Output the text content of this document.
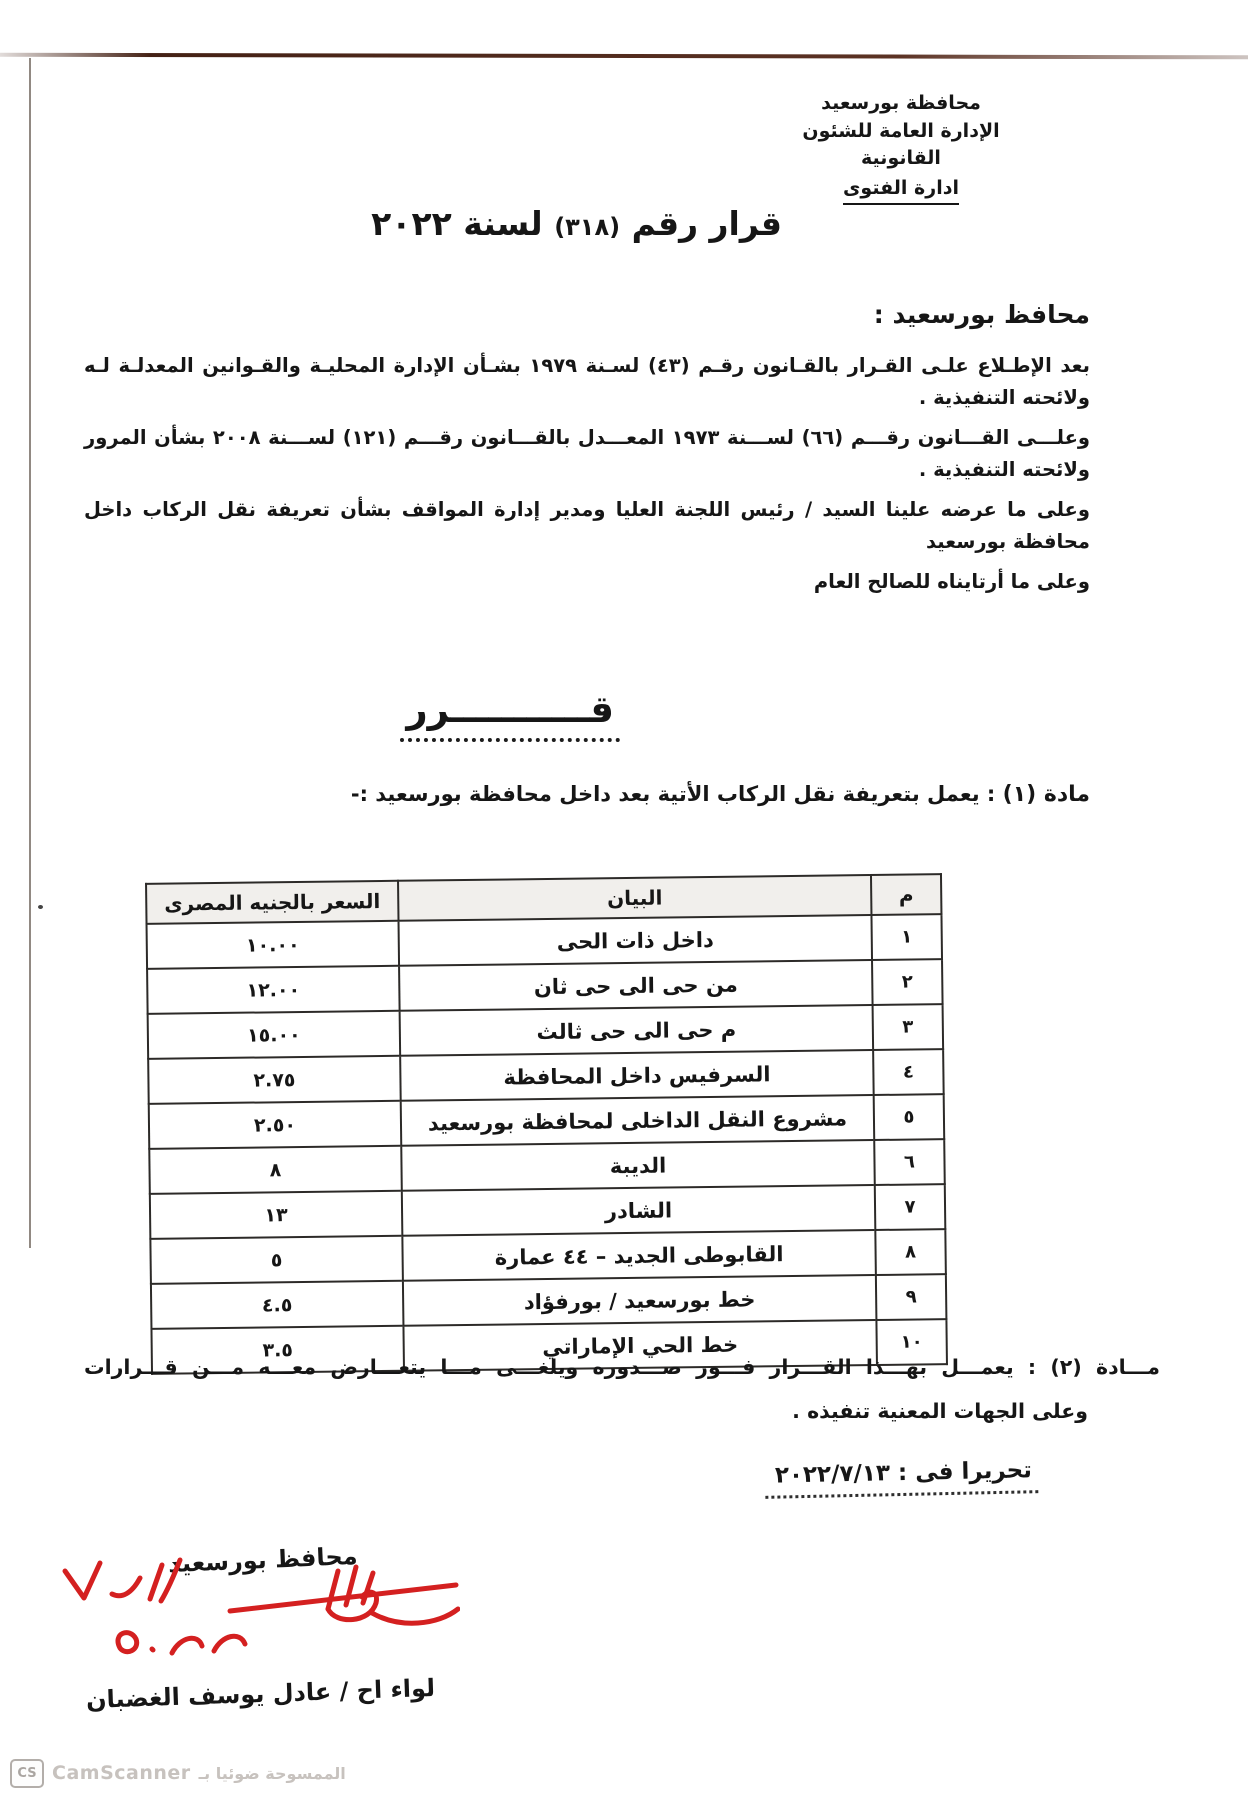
محافظة بورسعيد
الإدارة العامة للشئون القانونية
ادارة الفتوى
قرار رقم (٣١٨) لسنة ٢٠٢٢
محافظ بورسعيد :

بعد الإطـلاع علـى القـرار بالقـانون رقـم (٤٣) لسـنة ١٩٧٩ بشـأن الإدارة المحليـة والقـوانين المعدلـة لـه ولائحته التنفيذية .

وعلـــى القـــانون رقـــم (٦٦) لســـنة ١٩٧٣ المعـــدل بالقـــانون رقـــم (١٢١) لســـنة ٢٠٠٨ بشأن المرور ولائحته التنفيذية .

وعلى ما عرضه علينا السيد / رئيس اللجنة العليا ومدير إدارة المواقف بشأن تعريفة نقل الركاب داخل محافظة بورسعيد

وعلى ما أرتايناه للصالح العام

قـــــــــــرر
مادة (١) : يعمل بتعريفة نقل الركاب الأتية بعد داخل محافظة بورسعيد :-
م	البيان	السعر بالجنيه المصرى
١	داخل ذات الحى	١٠.٠٠
٢	من حى الى حى ثان	١٢.٠٠
٣	م حى الى حى ثالث	١٥.٠٠
٤	السرفيس داخل المحافظة	٢.٧٥
٥	مشروع النقل الداخلى لمحافظة بورسعيد	٢.٥٠
٦	الديبة	٨
٧	الشادر	١٣
٨	القابوطى الجديد – ٤٤ عمارة	٥
٩	خط بورسعيد / بورفؤاد	٤.٥
١٠	خط الحي الإماراتي	٣.٥
مـــادة (٢) : يعمـــل بهـــذا القـــرار فـــور صـــدوره ويلغـــى مـــا يتعـــارض معـــه مـــن قـــرارات
وعلى الجهات المعنية تنفيذه .
تحريرا فى : ٢٠٢٢/٧/١٣
محافظ بورسعيد
لواء اح / عادل يوسف الغضبان
CS CamScanner الممسوحة ضوئيا بـ
